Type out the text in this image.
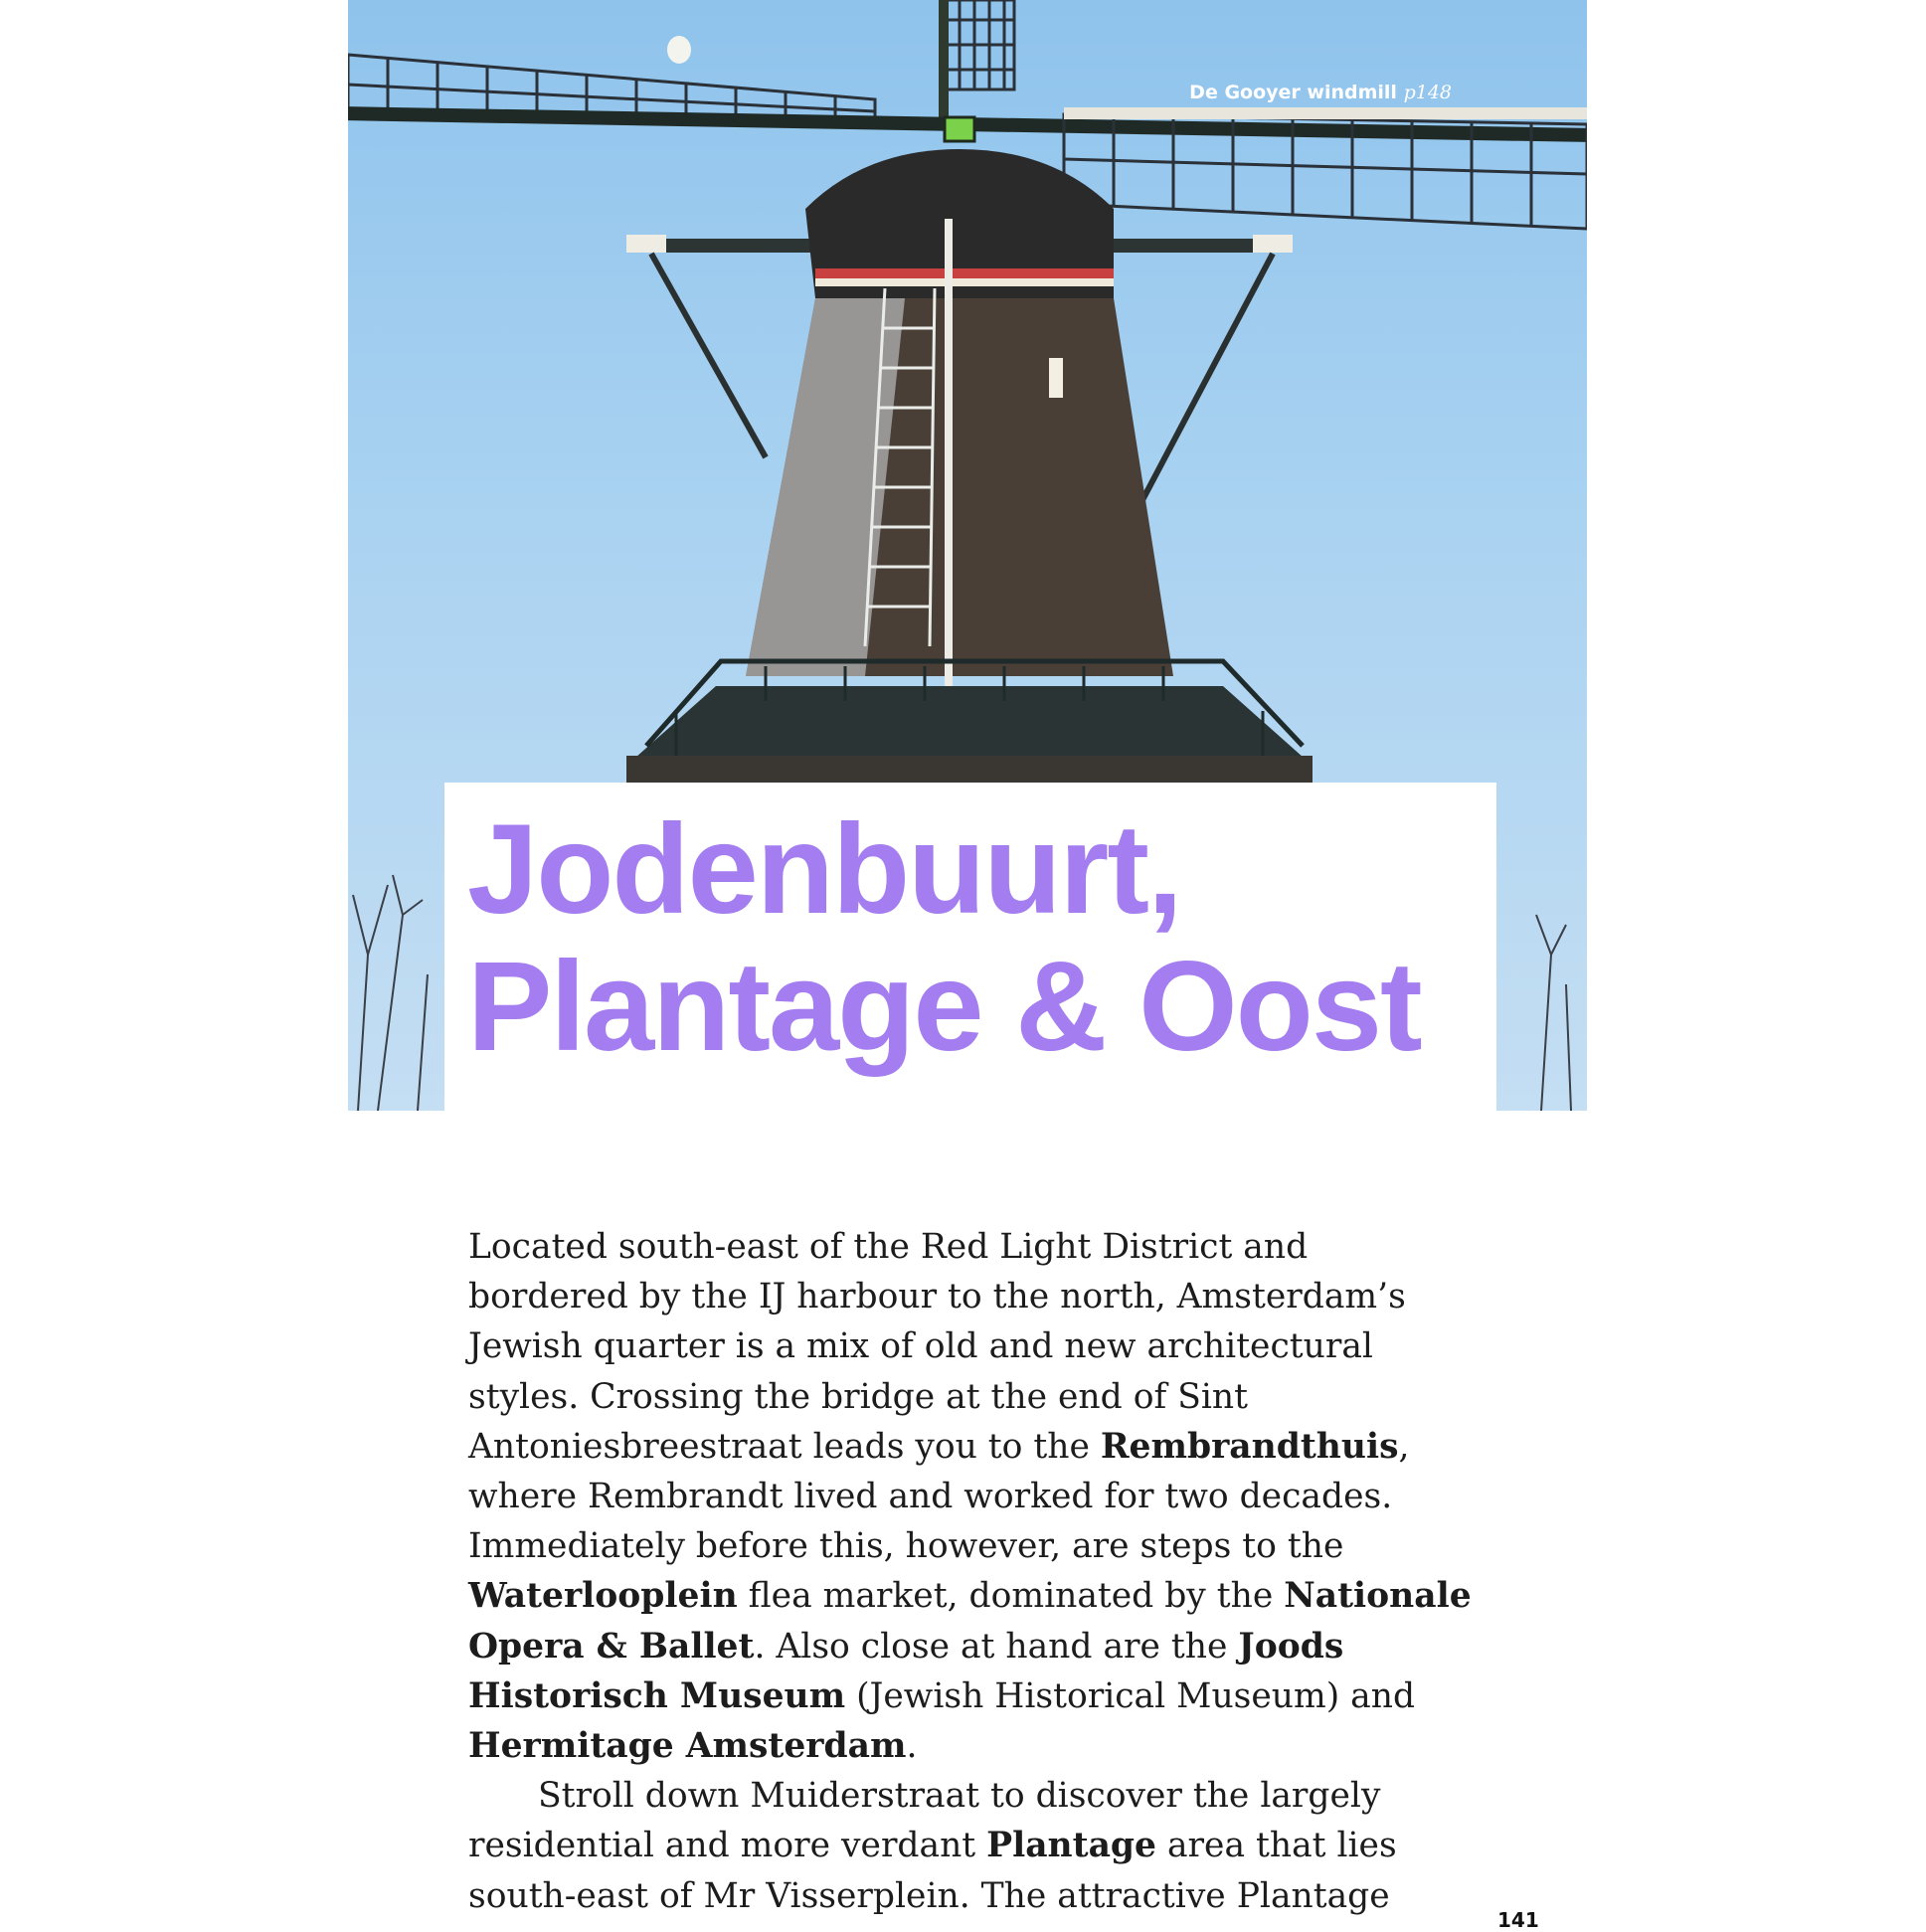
De Gooyer windmill p148
Jodenbuurt,
Plantage & Oost

Located south-east of the Red Light District and bordered by the IJ harbour to the north, Amsterdam’s Jewish quarter is a mix of old and new architectural styles. Crossing the bridge at the end of Sint Antoniesbreestraat leads you to the Rembrandthuis, where Rembrandt lived and worked for two decades. Immediately before this, however, are steps to the Waterlooplein flea market, dominated by the Nationale Opera & Ballet. Also close at hand are the Joods Historisch Museum (Jewish Historical Museum) and Hermitage Amsterdam.

Stroll down Muiderstraat to discover the largely residential and more verdant Plantage area that lies south-east of Mr Visserplein. The attractive Plantage

141
